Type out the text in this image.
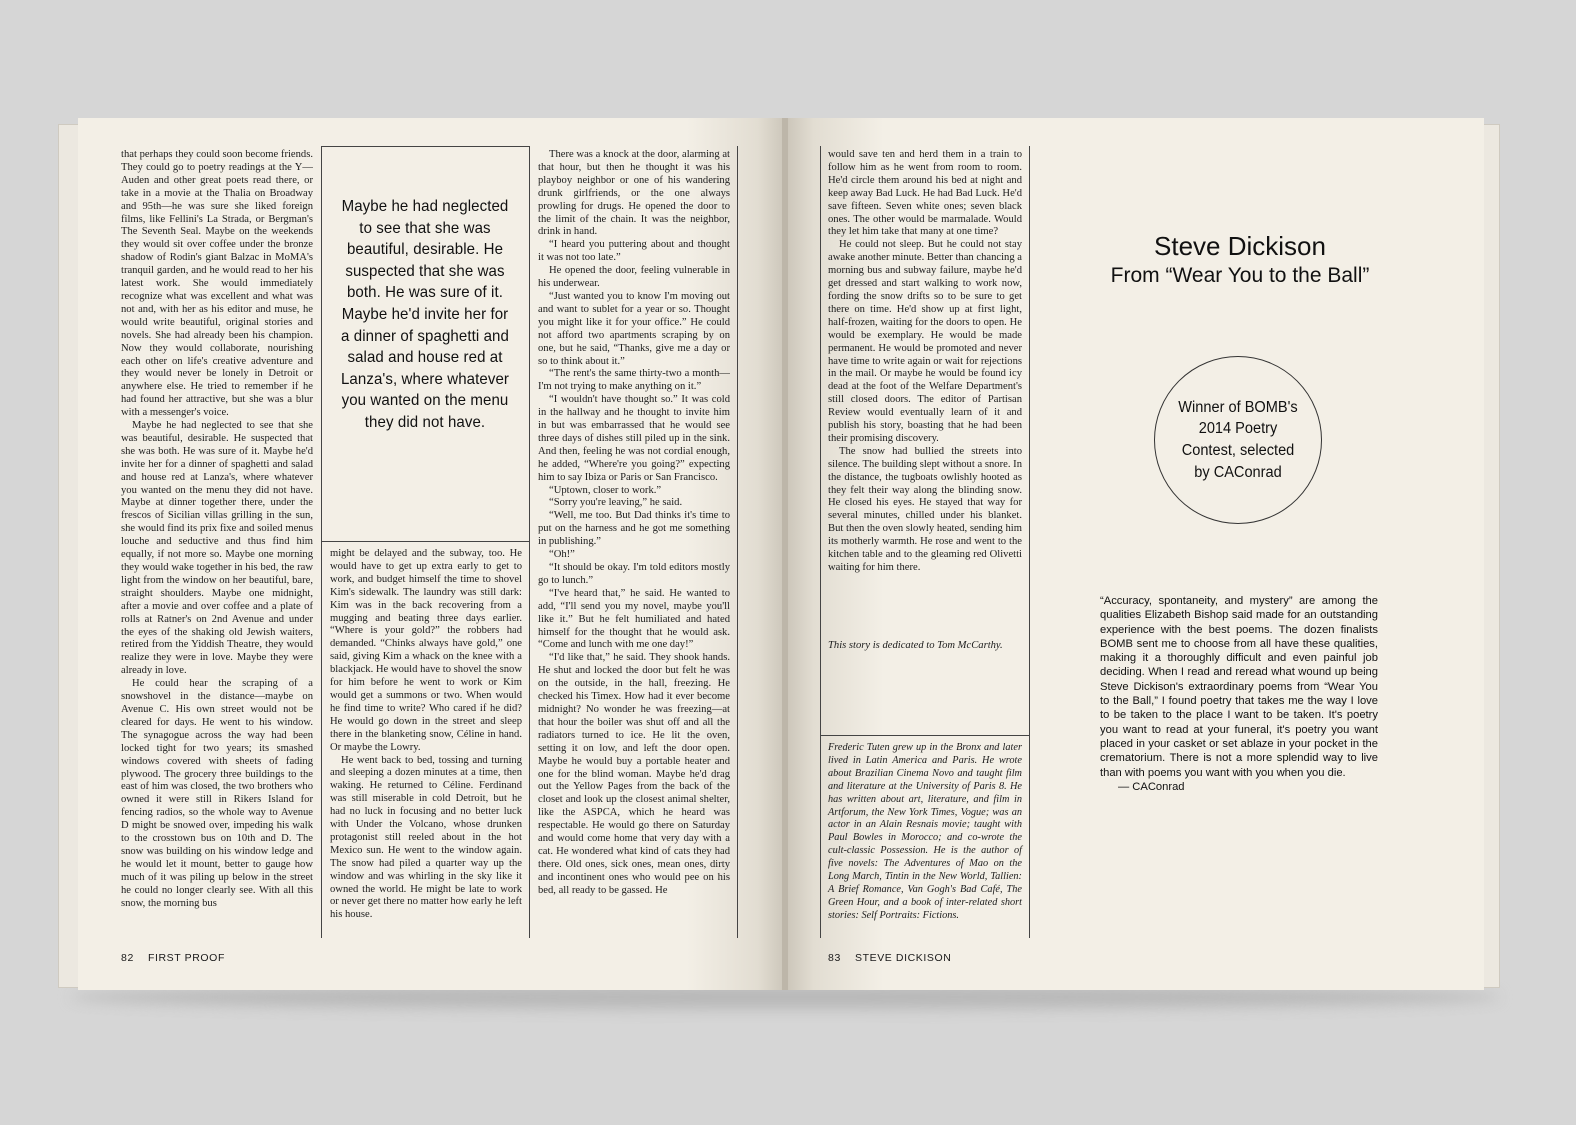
that perhaps they could soon become friends. They could go to poetry readings at the Y—Auden and other great poets read there, or take in a movie at the Thalia on Broadway and 95th—he was sure she liked foreign films, like Fellini's La Strada, or Bergman's The Seventh Seal. Maybe on the weekends they would sit over coffee under the bronze shadow of Rodin's giant Balzac in MoMA's tranquil garden, and he would read to her his latest work. She would immediately recognize what was excellent and what was not and, with her as his editor and muse, he would write beautiful, original stories and novels. She had already been his champion. Now they would collaborate, nourishing each other on life's creative adventure and they would never be lonely in Detroit or anywhere else. He tried to remember if he had found her attractive, but she was a blur with a messenger's voice.

Maybe he had neglected to see that she was beautiful, desirable. He suspected that she was both. He was sure of it. Maybe he'd invite her for a dinner of spaghetti and salad and house red at Lanza's, where whatever you wanted on the menu they did not have. Maybe at dinner together there, under the frescos of Sicilian villas grilling in the sun, she would find its prix fixe and soiled menus louche and seductive and thus find him equally, if not more so. Maybe one morning they would wake together in his bed, the raw light from the window on her beautiful, bare, straight shoulders. Maybe one midnight, after a movie and over coffee and a plate of rolls at Ratner's on 2nd Avenue and under the eyes of the shaking old Jewish waiters, retired from the Yiddish Theatre, they would realize they were in love. Maybe they were already in love.

He could hear the scraping of a snowshovel in the distance—maybe on Avenue C. His own street would not be cleared for days. He went to his window. The synagogue across the way had been locked tight for two years; its smashed windows covered with sheets of fading plywood. The grocery three buildings to the east of him was closed, the two brothers who owned it were still in Rikers Island for fencing radios, so the whole way to Avenue D might be snowed over, impeding his walk to the crosstown bus on 10th and D. The snow was building on his window ledge and he would let it mount, better to gauge how much of it was piling up below in the street he could no longer clearly see. With all this snow, the morning bus

Maybe he had neglected to see that she was beautiful, desirable. He suspected that she was both. He was sure of it. Maybe he'd invite her for a dinner of spaghetti and salad and house red at Lanza's, where whatever you wanted on the menu they did not have.

might be delayed and the subway, too. He would have to get up extra early to get to work, and budget himself the time to shovel Kim's sidewalk. The laundry was still dark: Kim was in the back recovering from a mugging and beating three days earlier. “Where is your gold?” the robbers had demanded. “Chinks always have gold,” one said, giving Kim a whack on the knee with a blackjack. He would have to shovel the snow for him before he went to work or Kim would get a summons or two. When would he find time to write? Who cared if he did? He would go down in the street and sleep there in the blanketing snow, Céline in hand. Or maybe the Lowry.

He went back to bed, tossing and turning and sleeping a dozen minutes at a time, then waking. He returned to Céline. Ferdinand was still miserable in cold Detroit, but he had no luck in focusing and no better luck with Under the Volcano, whose drunken protagonist still reeled about in the hot Mexico sun. He went to the window again. The snow had piled a quarter way up the window and was whirling in the sky like it owned the world. He might be late to work or never get there no matter how early he left his house.

There was a knock at the door, alarming at that hour, but then he thought it was his playboy neighbor or one of his wandering drunk girlfriends, or the one always prowling for drugs. He opened the door to the limit of the chain. It was the neighbor, drink in hand.

“I heard you puttering about and thought it was not too late.”

He opened the door, feeling vulnerable in his underwear.

“Just wanted you to know I'm moving out and want to sublet for a year or so. Thought you might like it for your office.” He could not afford two apartments scraping by on one, but he said, “Thanks, give me a day or so to think about it.”

“The rent's the same thirty-two a month—I'm not trying to make anything on it.”

“I wouldn't have thought so.” It was cold in the hallway and he thought to invite him in but was embarrassed that he would see three days of dishes still piled up in the sink. And then, feeling he was not cordial enough, he added, “Where're you going?” expecting him to say Ibiza or Paris or San Francisco.

“Uptown, closer to work.”

“Sorry you're leaving,” he said.

“Well, me too. But Dad thinks it's time to put on the harness and he got me something in publishing.”

“Oh!”

“It should be okay. I'm told editors mostly go to lunch.”

“I've heard that,” he said. He wanted to add, “I'll send you my novel, maybe you'll like it.” But he felt humiliated and hated himself for the thought that he would ask. “Come and lunch with me one day!”

“I'd like that,” he said. They shook hands. He shut and locked the door but felt he was on the outside, in the hall, freezing. He checked his Timex. How had it ever become midnight? No wonder he was freezing—at that hour the boiler was shut off and all the radiators turned to ice. He lit the oven, setting it on low, and left the door open. Maybe he would buy a portable heater and one for the blind woman. Maybe he'd drag out the Yellow Pages from the back of the closet and look up the closest animal shelter, like the ASPCA, which he heard was respectable. He would go there on Saturday and would come home that very day with a cat. He wondered what kind of cats they had there. Old ones, sick ones, mean ones, dirty and incontinent ones who would pee on his bed, all ready to be gassed. He

82 FIRST PROOF

would save ten and herd them in a train to follow him as he went from room to room. He'd circle them around his bed at night and keep away Bad Luck. He had Bad Luck. He'd save fifteen. Seven white ones; seven black ones. The other would be marmalade. Would they let him take that many at one time?

He could not sleep. But he could not stay awake another minute. Better than chancing a morning bus and subway failure, maybe he'd get dressed and start walking to work now, fording the snow drifts so to be sure to get there on time. He'd show up at first light, half-frozen, waiting for the doors to open. He would be exemplary. He would be made permanent. He would be promoted and never have time to write again or wait for rejections in the mail. Or maybe he would be found icy dead at the foot of the Welfare Department's still closed doors. The editor of Partisan Review would eventually learn of it and publish his story, boasting that he had been their promising discovery.

The snow had bullied the streets into silence. The building slept without a snore. In the distance, the tugboats owlishly hooted as they felt their way along the blinding snow. He closed his eyes. He stayed that way for several minutes, chilled under his blanket. But then the oven slowly heated, sending him its motherly warmth. He rose and went to the kitchen table and to the gleaming red Olivetti waiting for him there.

This story is dedicated to Tom McCarthy.

Frederic Tuten grew up in the Bronx and later lived in Latin America and Paris. He wrote about Brazilian Cinema Novo and taught film and literature at the University of Paris 8. He has written about art, literature, and film in Artforum, the New York Times, Vogue; was an actor in an Alain Resnais movie; taught with Paul Bowles in Morocco; and co-wrote the cult-classic Possession. He is the author of five novels: The Adventures of Mao on the Long March, Tintin in the New World, Tallien: A Brief Romance, Van Gogh's Bad Café, The Green Hour, and a book of inter-related short stories: Self Portraits: Fictions.
Steve Dickison
From “Wear You to the Ball”
Winner of BOMB's 2014 Poetry Contest, selected by CAConrad
“Accuracy, spontaneity, and mystery” are among the qualities Elizabeth Bishop said made for an outstanding experience with the best poems. The dozen finalists BOMB sent me to choose from all have these qualities, making it a thoroughly difficult and even painful job deciding. When I read and reread what wound up being Steve Dickison's extraordinary poems from “Wear You to the Ball,” I found poetry that takes me the way I love to be taken to the place I want to be taken. It's poetry you want to read at your funeral, it's poetry you want placed in your casket or set ablaze in your pocket in the crematorium. There is not a more splendid way to live than with poems you want with you when you die.
— CAConrad
83 STEVE DICKISON
